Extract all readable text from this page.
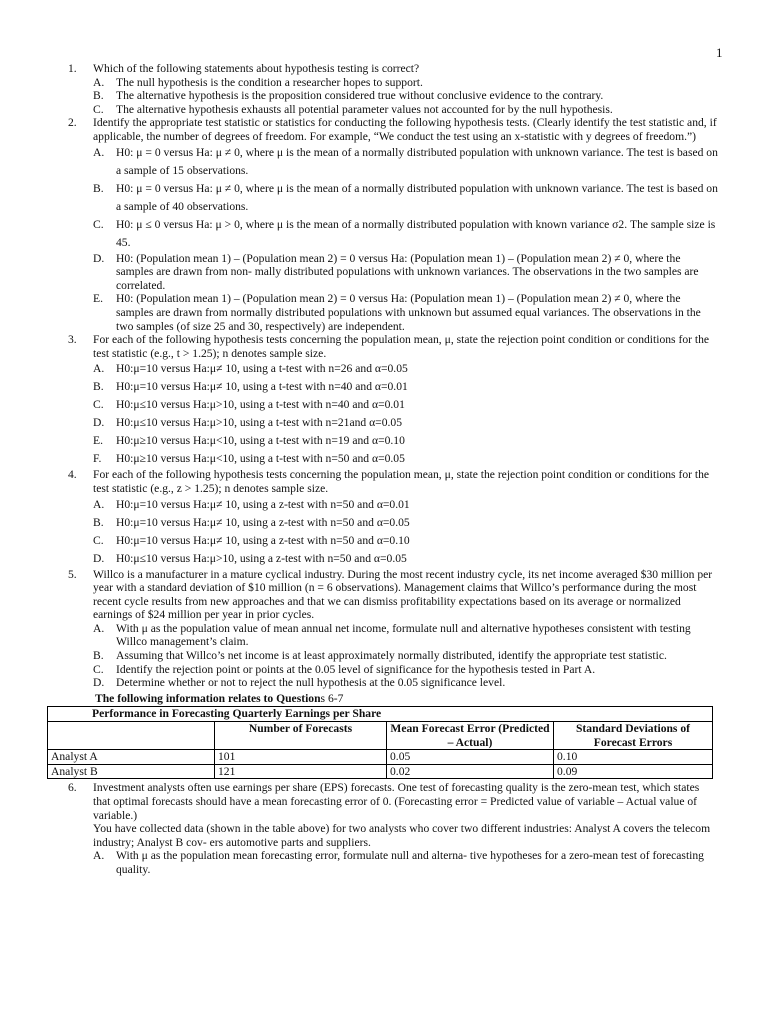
1
1. Which of the following statements about hypothesis testing is correct?
A. The null hypothesis is the condition a researcher hopes to support.
B. The alternative hypothesis is the proposition considered true without conclusive evidence to the contrary.
C. The alternative hypothesis exhausts all potential parameter values not accounted for by the null hypothesis.
2. Identify the appropriate test statistic or statistics for conducting the following hypothesis tests. (Clearly identify the test statistic and, if applicable, the number of degrees of freedom. For example, “We conduct the test using an x-statistic with y degrees of freedom.”)
A. H0: μ = 0 versus Ha: μ ≠ 0, where μ is the mean of a normally distributed population with unknown variance. The test is based on a sample of 15 observations.
B. H0: μ = 0 versus Ha: μ ≠ 0, where μ is the mean of a normally distributed population with unknown variance. The test is based on a sample of 40 observations.
C. H0: μ ≤ 0 versus Ha: μ > 0, where μ is the mean of a normally distributed population with known variance σ2. The sample size is 45.
D. H0: (Population mean 1) – (Population mean 2) = 0 versus Ha: (Population mean 1) – (Population mean 2) ≠ 0, where the samples are drawn from non- mally distributed populations with unknown variances. The observations in the two samples are correlated.
E. H0: (Population mean 1) – (Population mean 2) = 0 versus Ha: (Population mean 1) – (Population mean 2) ≠ 0, where the samples are drawn from normally distributed populations with unknown but assumed equal variances. The observations in the two samples (of size 25 and 30, respectively) are independent.
3. For each of the following hypothesis tests concerning the population mean, μ, state the rejection point condition or conditions for the test statistic (e.g., t > 1.25); n denotes sample size.
A. H0:μ=10 versus Ha:μ≠ 10, using a t-test with n=26 and α=0.05
B. H0:μ=10 versus Ha:μ≠ 10, using a t-test with n=40 and α=0.01
C. H0:μ≤10 versus Ha:μ>10, using a t-test with n=40 and α=0.01
D. H0:μ≤10 versus Ha:μ>10, using a t-test with n=21and α=0.05
E. H0:μ≥10 versus Ha:μ<10, using a t-test with n=19 and α=0.10
F. H0:μ≥10 versus Ha:μ<10, using a t-test with n=50 and α=0.05
4. For each of the following hypothesis tests concerning the population mean, μ, state the rejection point condition or conditions for the test statistic (e.g., z > 1.25); n denotes sample size.
A. H0:μ=10 versus Ha:μ≠ 10, using a z-test with n=50 and α=0.01
B. H0:μ=10 versus Ha:μ≠ 10, using a z-test with n=50 and α=0.05
C. H0:μ=10 versus Ha:μ≠ 10, using a z-test with n=50 and α=0.10
D. H0:μ≤10 versus Ha:μ>10, using a z-test with n=50 and α=0.05
5. Willco is a manufacturer in a mature cyclical industry. During the most recent industry cycle, its net income averaged $30 million per year with a standard deviation of $10 million (n = 6 observations). Management claims that Willco’s performance during the most recent cycle results from new approaches and that we can dismiss profitability expectations based on its average or normalized earnings of $24 million per year in prior cycles.
A. With μ as the population value of mean annual net income, formulate null and alternative hypotheses consistent with testing Willco management’s claim.
B. Assuming that Willco’s net income is at least approximately normally distributed, identify the appropriate test statistic.
C. Identify the rejection point or points at the 0.05 level of significance for the hypothesis tested in Part A.
D. Determine whether or not to reject the null hypothesis at the 0.05 significance level.
The following information relates to Questions 6-7
Performance in Forecasting Quarterly Earnings per Share			
	Number of Forecasts	Mean Forecast Error (Predicted – Actual)	Standard Deviations of Forecast Errors
Analyst A	101	0.05	0.10
Analyst B	121	0.02	0.09
6. Investment analysts often use earnings per share (EPS) forecasts. One test of forecasting quality is the zero-mean test, which states that optimal forecasts should have a mean forecasting error of 0. (Forecasting error = Predicted value of variable – Actual value of variable.)
You have collected data (shown in the table above) for two analysts who cover two different industries: Analyst A covers the telecom industry; Analyst B cov- ers automotive parts and suppliers.
A. With μ as the population mean forecasting error, formulate null and alterna- tive hypotheses for a zero-mean test of forecasting quality.
